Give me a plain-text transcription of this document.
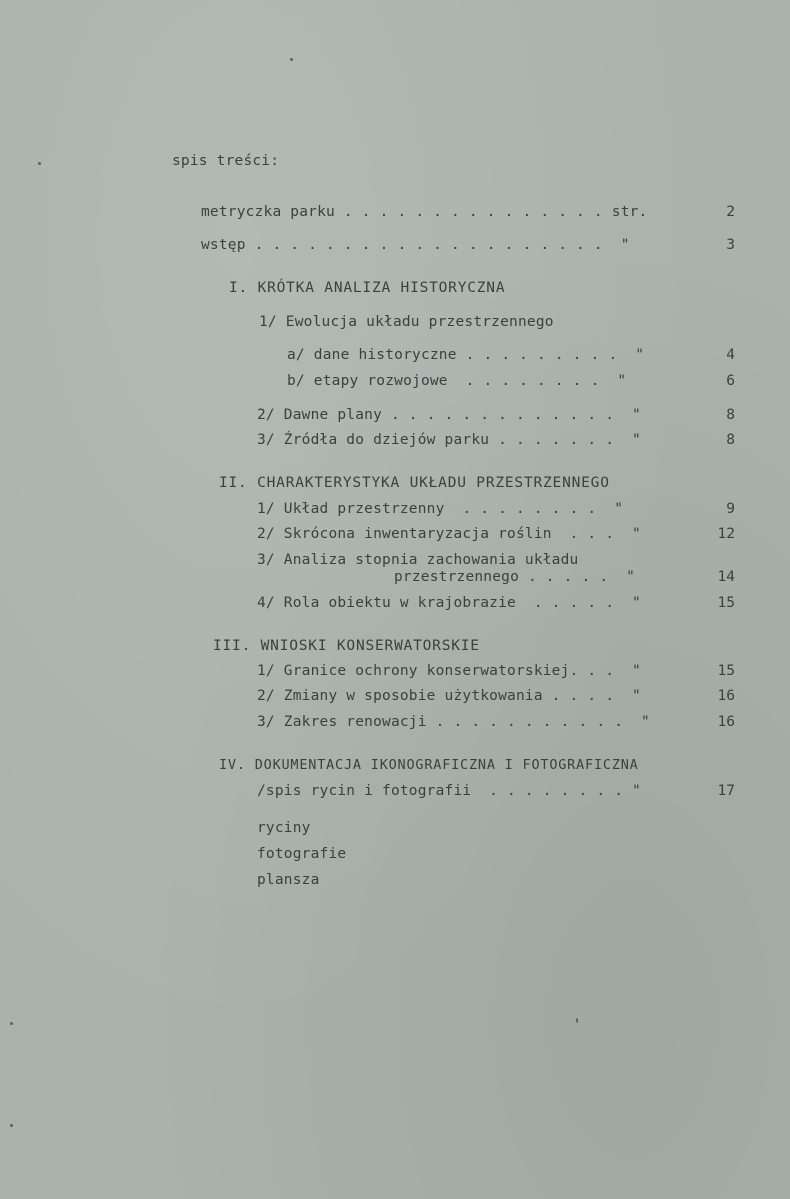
spis treści:
metryczka parku . . . . . . . . . . . . . . . str.	2
wstęp . . . . . . . . . . . . . . . . . . . .  "	3
I. KRÓTKA ANALIZA HISTORYCZNA
1/ Ewolucja układu przestrzennego
a/ dane historyczne . . . . . . . . .  "	4
b/ etapy rozwojowe  . . . . . . . .  "	6
2/ Dawne plany . . . . . . . . . . . . .  "	8
3/ Źródła do dziejów parku . . . . . . .  "	8
II. CHARAKTERYSTYKA UKŁADU PRZESTRZENNEGO
1/ Układ przestrzenny  . . . . . . . .  "	9
2/ Skrócona inwentaryzacja roślin  . . .  "	12
3/ Analiza stopnia zachowania układu
przestrzennego . . . . .  "	14
4/ Rola obiektu w krajobrazie  . . . . .  "	15
III. WNIOSKI KONSERWATORSKIE
1/ Granice ochrony konserwatorskiej. . .  "	15
2/ Zmiany w sposobie użytkowania . . . .  "	16
3/ Zakres renowacji . . . . . . . . . . .  "	16
IV. DOKUMENTACJA IKONOGRAFICZNA I FOTOGRAFICZNA
/spis rycin i fotografii  . . . . . . . . "	17
ryciny
fotografie
plansza
